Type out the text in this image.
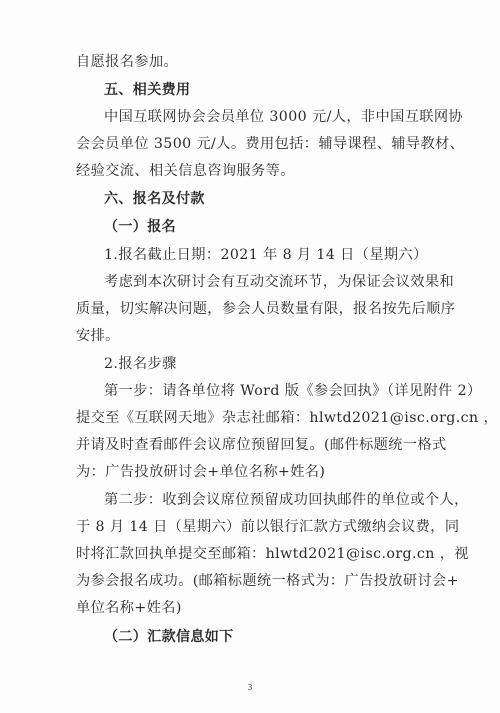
自愿报名参加。
五、相关费用
中国互联网协会会员单位 3000 元/人，非中国互联网协
会会员单位 3500 元/人。费用包括：辅导课程、辅导教材、
经验交流、相关信息咨询服务等。
六、报名及付款
（一）报名
1.报名截止日期：2021 年 8 月 14 日（星期六）
考虑到本次研讨会有互动交流环节，为保证会议效果和
质量，切实解决问题，参会人员数量有限，报名按先后顺序
安排。
2.报名步骤
第一步：请各单位将 Word 版《参会回执》（详见附件 2）
提交至《互联网天地》杂志社邮箱：hlwtd2021@isc.org.cn ，
并请及时查看邮件会议席位预留回复。(邮件标题统一格式
为：广告投放研讨会+单位名称+姓名)
第二步：收到会议席位预留成功回执邮件的单位或个人，
于 8 月 14 日（星期六）前以银行汇款方式缴纳会议费，同
时将汇款回执单提交至邮箱：hlwtd2021@isc.org.cn ，视
为参会报名成功。(邮箱标题统一格式为：广告投放研讨会+
3
单位名称+姓名)
（二）汇款信息如下
